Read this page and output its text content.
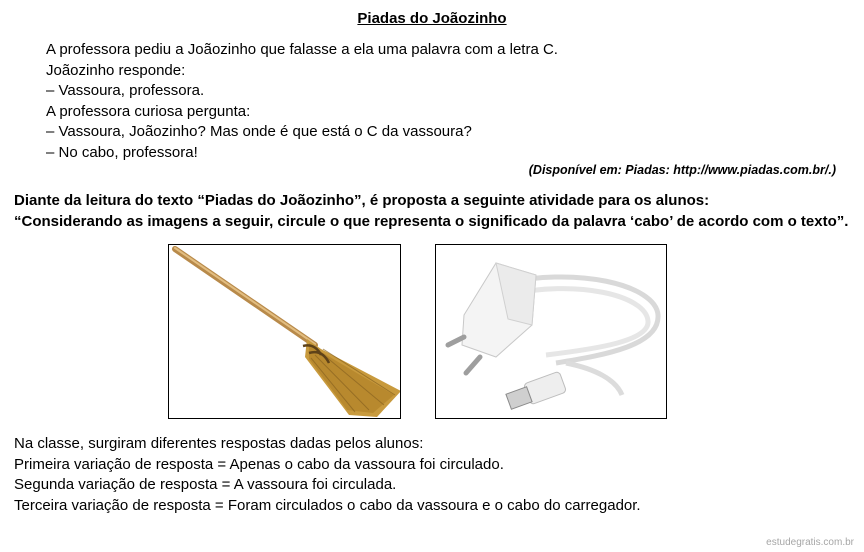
Piadas do Joãozinho
A professora pediu a Joãozinho que falasse a ela uma palavra com a letra C.
Joãozinho responde:
– Vassoura, professora.
A professora curiosa pergunta:
– Vassoura, Joãozinho? Mas onde é que está o C da vassoura?
– No cabo, professora!
(Disponível em: Piadas: http://www.piadas.com.br/.)
Diante da leitura do texto “Piadas do Joãozinho”, é proposta a seguinte atividade para os alunos:
“Considerando as imagens a seguir, circule o que representa o significado da palavra ‘cabo’ de acordo com o texto”.
Na classe, surgiram diferentes respostas dadas pelos alunos:
Primeira variação de resposta = Apenas o cabo da vassoura foi circulado.
Segunda variação de resposta = A vassoura foi circulada.
Terceira variação de resposta = Foram circulados o cabo da vassoura e o cabo do carregador.
estudegratis.com.br
